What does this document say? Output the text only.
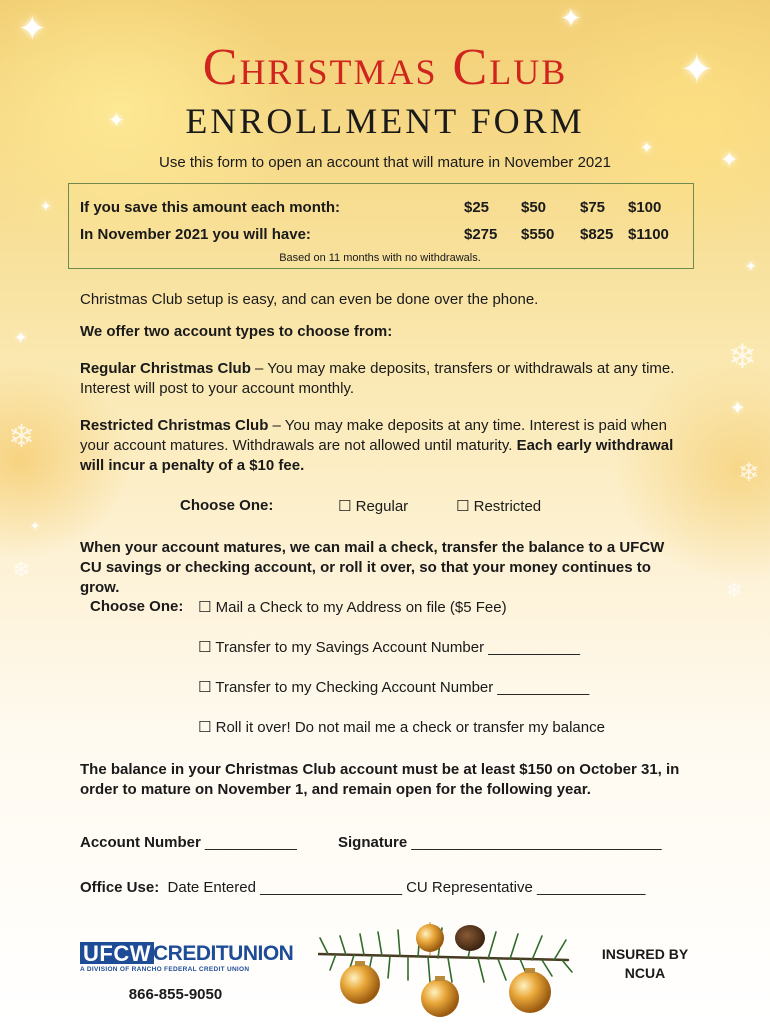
✦
✦
✦
✦
✦
✦
✦
✦
✦
✦
✦
❄
❄
❄
❄
❄
Christmas Club
ENROLLMENT FORM
Use this form to open an account that will mature in November 2021
If you save this amount each month:	$25 $50 $75 $100
In November 2021 you will have:	$275 $550 $825 $1100
Based on 11 months with no withdrawals.
Christmas Club setup is easy, and can even be done over the phone.
We offer two account types to choose from:
Regular Christmas Club – You may make deposits, transfers or withdrawals at any time. Interest will post to your account monthly.
Restricted Christmas Club – You may make deposits at any time. Interest is paid when your account matures. Withdrawals are not allowed until maturity. Each early withdrawal will incur a penalty of a $10 fee.
Choose One:	☐ Regular	☐ Restricted
When your account matures, we can mail a check, transfer the balance to a UFCW CU savings or checking account, or roll it over, so that your money continues to grow.
Choose One: ☐ Mail a Check to my Address on file ($5 Fee)
☐ Transfer to my Savings Account Number ___________
☐ Transfer to my Checking Account Number ___________
☐ Roll it over! Do not mail me a check or transfer my balance
The balance in your Christmas Club account must be at least $150 on October 31, in order to mature on November 1, and remain open for the following year.
Account Number ___________	Signature ______________________________
Office Use: Date Entered _________________ CU Representative _____________
UFCW CREDITUNION
A DIVISION OF RANCHO FEDERAL CREDIT UNION
866-855-9050
INSURED BY NCUA
